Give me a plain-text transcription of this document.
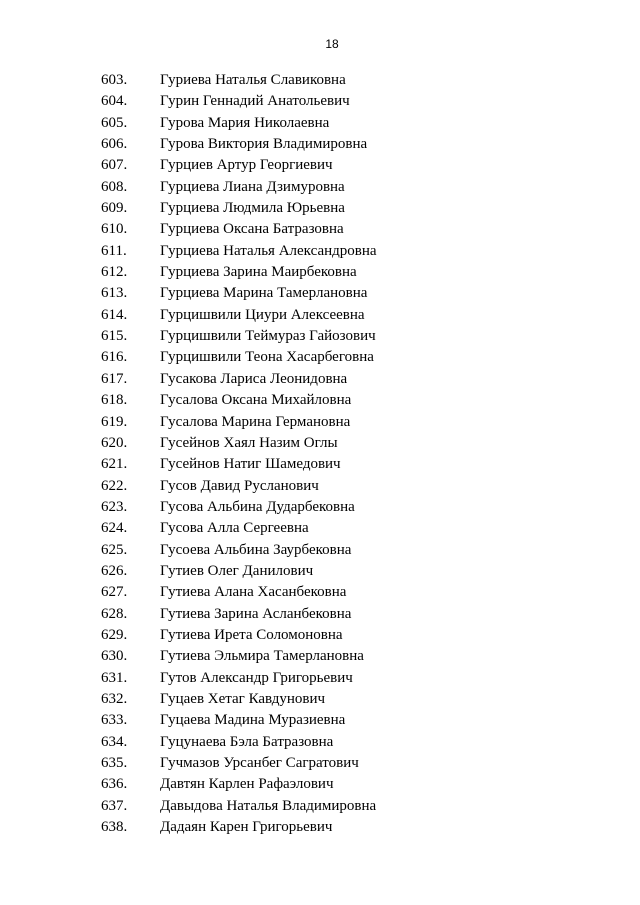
18
603.	Гуриева Наталья Славиковна
604.	Гурин Геннадий Анатольевич
605.	Гурова Мария Николаевна
606.	Гурова Виктория Владимировна
607.	Гурциев Артур Георгиевич
608.	Гурциева Лиана Дзимуровна
609.	Гурциева Людмила Юрьевна
610.	Гурциева Оксана Батразовна
611.	Гурциева Наталья Александровна
612.	Гурциева Зарина Маирбековна
613.	Гурциева Марина Тамерлановна
614.	Гурцишвили Циури Алексеевна
615.	Гурцишвили Теймураз Гайозович
616.	Гурцишвили Теона Хасарбеговна
617.	Гусакова Лариса Леонидовна
618.	Гусалова Оксана Михайловна
619.	Гусалова Марина Германовна
620.	Гусейнов Хаял Назим Оглы
621.	Гусейнов Натиг Шамедович
622.	Гусов Давид Русланович
623.	Гусова Альбина Дударбековна
624.	Гусова Алла Сергеевна
625.	Гусоева Альбина Заурбековна
626.	Гутиев Олег Данилович
627.	Гутиева Алана Хасанбековна
628.	Гутиева Зарина Асланбековна
629.	Гутиева Ирета Соломоновна
630.	Гутиева Эльмира Тамерлановна
631.	Гутов Александр Григорьевич
632.	Гуцаев Хетаг Кавдунович
633.	Гуцаева Мадина Муразиевна
634.	Гуцунаева Бэла Батразовна
635.	Гучмазов Урсанбег Сагратович
636.	Давтян Карлен Рафаэлович
637.	Давыдова Наталья Владимировна
638.	Дадаян Карен Григорьевич
